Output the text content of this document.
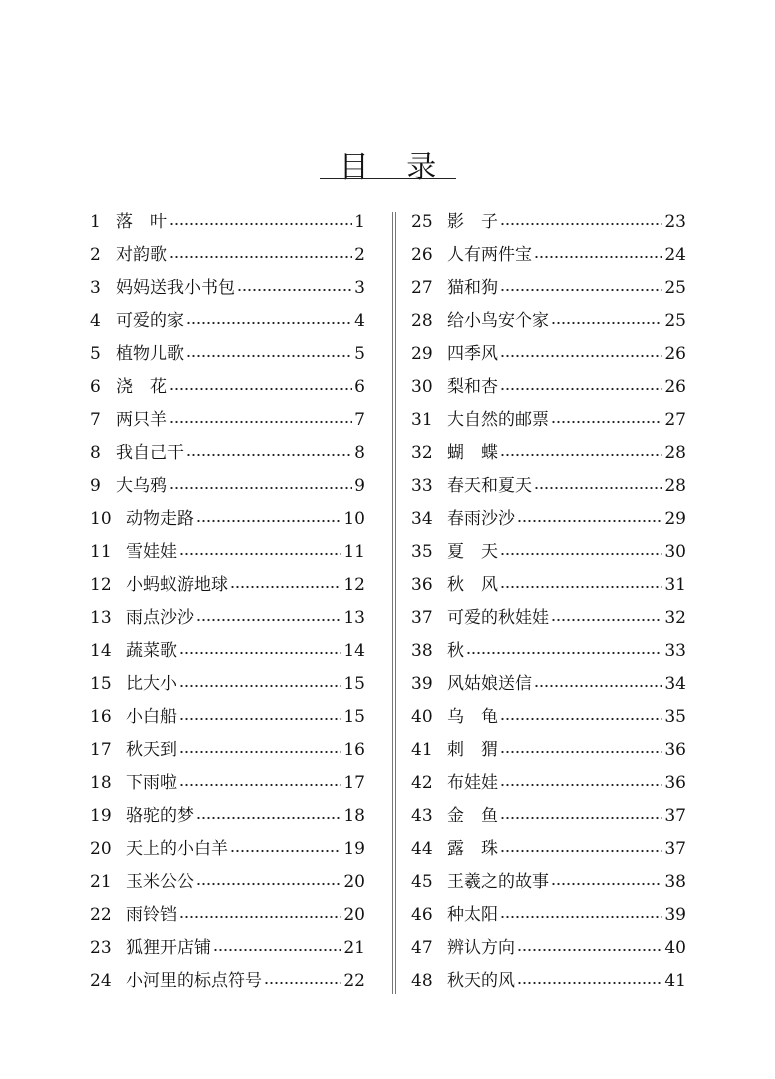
目 录
1 落　叶	1
2 对韵歌	2
3 妈妈送我小书包	3
4 可爱的家	4
5 植物儿歌	5
6 浇　花	6
7 两只羊	7
8 我自己干	8
9 大乌鸦	9
10 动物走路	10
11 雪娃娃	11
12 小蚂蚁游地球	12
13 雨点沙沙	13
14 蔬菜歌	14
15 比大小	15
16 小白船	15
17 秋天到	16
18 下雨啦	17
19 骆驼的梦	18
20 天上的小白羊	19
21 玉米公公	20
22 雨铃铛	20
23 狐狸开店铺	21
24 小河里的标点符号	22
25 影　子	23
26 人有两件宝	24
27 猫和狗	25
28 给小鸟安个家	25
29 四季风	26
30 梨和杏	26
31 大自然的邮票	27
32 蝴　蝶	28
33 春天和夏天	28
34 春雨沙沙	29
35 夏　天	30
36 秋　风	31
37 可爱的秋娃娃	32
38 秋	33
39 风姑娘送信	34
40 乌　龟	35
41 刺　猬	36
42 布娃娃	36
43 金　鱼	37
44 露　珠	37
45 王羲之的故事	38
46 种太阳	39
47 辨认方向	40
48 秋天的风	41
